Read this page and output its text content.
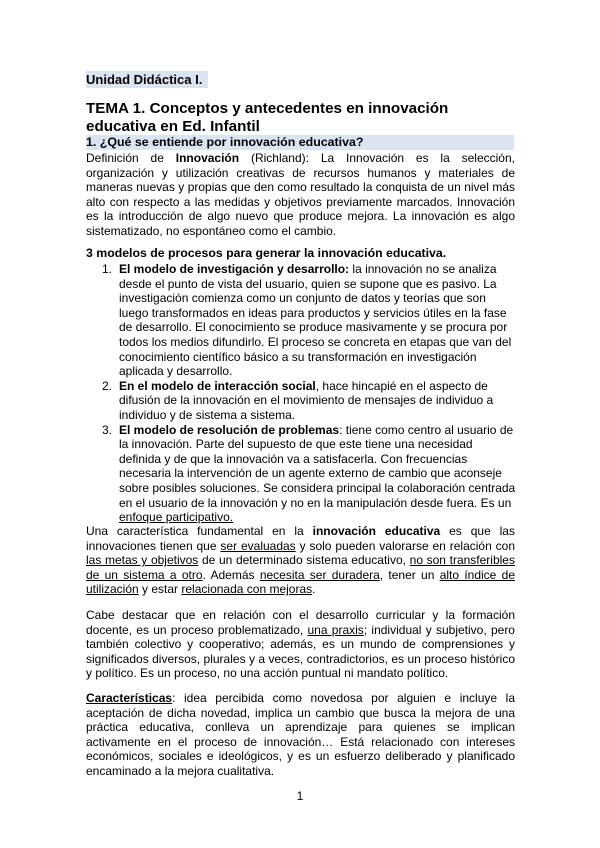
Unidad Didáctica I.
TEMA 1. Conceptos y antecedentes en innovación educativa en Ed. Infantil
1. ¿Qué se entiende por innovación educativa?
Definición de Innovación (Richland): La Innovación es la selección, organización y utilización creativas de recursos humanos y materiales de maneras nuevas y propias que den como resultado la conquista de un nivel más alto con respecto a las medidas y objetivos previamente marcados. Innovación es la introducción de algo nuevo que produce mejora. La innovación es algo sistematizado, no espontáneo como el cambio.
3 modelos de procesos para generar la innovación educativa.
1. El modelo de investigación y desarrollo: la innovación no se analiza desde el punto de vista del usuario, quien se supone que es pasivo. La investigación comienza como un conjunto de datos y teorías que son luego transformados en ideas para productos y servicios útiles en la fase de desarrollo. El conocimiento se produce masivamente y se procura por todos los medios difundirlo. El proceso se concreta en etapas que van del conocimiento científico básico a su transformación en investigación aplicada y desarrollo.
2. En el modelo de interacción social, hace hincapié en el aspecto de difusión de la innovación en el movimiento de mensajes de individuo a individuo y de sistema a sistema.
3. El modelo de resolución de problemas: tiene como centro al usuario de la innovación. Parte del supuesto de que este tiene una necesidad definida y de que la innovación va a satisfacerla. Con frecuencias necesaria la intervención de un agente externo de cambio que aconseje sobre posibles soluciones. Se considera principal la colaboración centrada en el usuario de la innovación y no en la manipulación desde fuera. Es un enfoque participativo.
Una característica fundamental en la innovación educativa es que las innovaciones tienen que ser evaluadas y solo pueden valorarse en relación con las metas y objetivos de un determinado sistema educativo, no son transferibles de un sistema a otro. Además necesita ser duradera, tener un alto índice de utilización y estar relacionada con mejoras.
Cabe destacar que en relación con el desarrollo curricular y la formación docente, es un proceso problematizado, una praxis; individual y subjetivo, pero también colectivo y cooperativo; además, es un mundo de comprensiones y significados diversos, plurales y a veces, contradictorios, es un proceso histórico y político. Es un proceso, no una acción puntual ni mandato político.
Características: idea percibida como novedosa por alguien e incluye la aceptación de dicha novedad, implica un cambio que busca la mejora de una práctica educativa, conlleva un aprendizaje para quienes se implican activamente en el proceso de innovación… Está relacionado con intereses económicos, sociales e ideológicos, y es un esfuerzo deliberado y planificado encaminado a la mejora cualitativa.
1
